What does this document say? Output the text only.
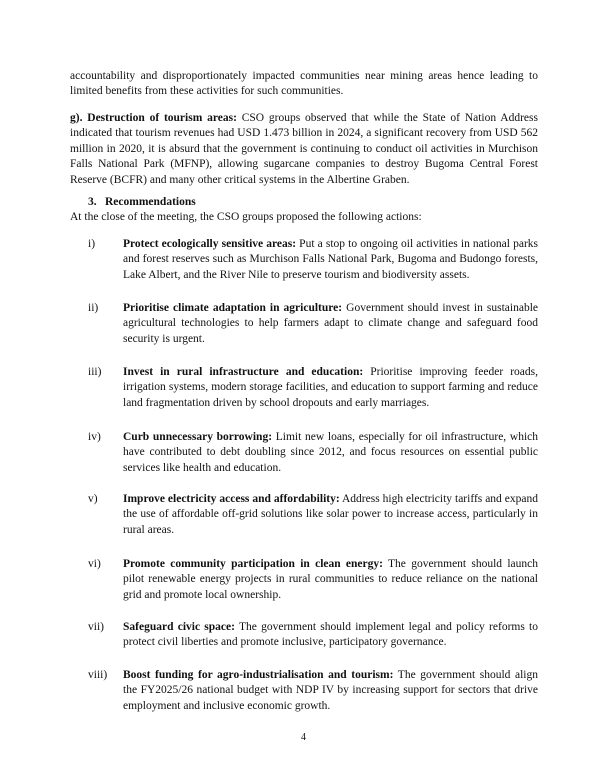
accountability and disproportionately impacted communities near mining areas hence leading to limited benefits from these activities for such communities.

g). Destruction of tourism areas: CSO groups observed that while the State of Nation Address indicated that tourism revenues had USD 1.473 billion in 2024, a significant recovery from USD 562 million in 2020, it is absurd that the government is continuing to conduct oil activities in Murchison Falls National Park (MFNP), allowing sugarcane companies to destroy Bugoma Central Forest Reserve (BCFR) and many other critical systems in the Albertine Graben.

3. Recommendations

At the close of the meeting, the CSO groups proposed the following actions:

i)	Protect ecologically sensitive areas: Put a stop to ongoing oil activities in national parks and forest reserves such as Murchison Falls National Park, Bugoma and Budongo forests, Lake Albert, and the River Nile to preserve tourism and biodiversity assets.

ii)	Prioritise climate adaptation in agriculture: Government should invest in sustainable agricultural technologies to help farmers adapt to climate change and safeguard food security is urgent.

iii)	Invest in rural infrastructure and education: Prioritise improving feeder roads, irrigation systems, modern storage facilities, and education to support farming and reduce land fragmentation driven by school dropouts and early marriages.

iv)	Curb unnecessary borrowing: Limit new loans, especially for oil infrastructure, which have contributed to debt doubling since 2012, and focus resources on essential public services like health and education.

v)	Improve electricity access and affordability: Address high electricity tariffs and expand the use of affordable off-grid solutions like solar power to increase access, particularly in rural areas.

vi)	Promote community participation in clean energy: The government should launch pilot renewable energy projects in rural communities to reduce reliance on the national grid and promote local ownership.

vii)	Safeguard civic space: The government should implement legal and policy reforms to protect civil liberties and promote inclusive, participatory governance.

viii)	Boost funding for agro-industrialisation and tourism: The government should align the FY2025/26 national budget with NDP IV by increasing support for sectors that drive employment and inclusive economic growth.

4
